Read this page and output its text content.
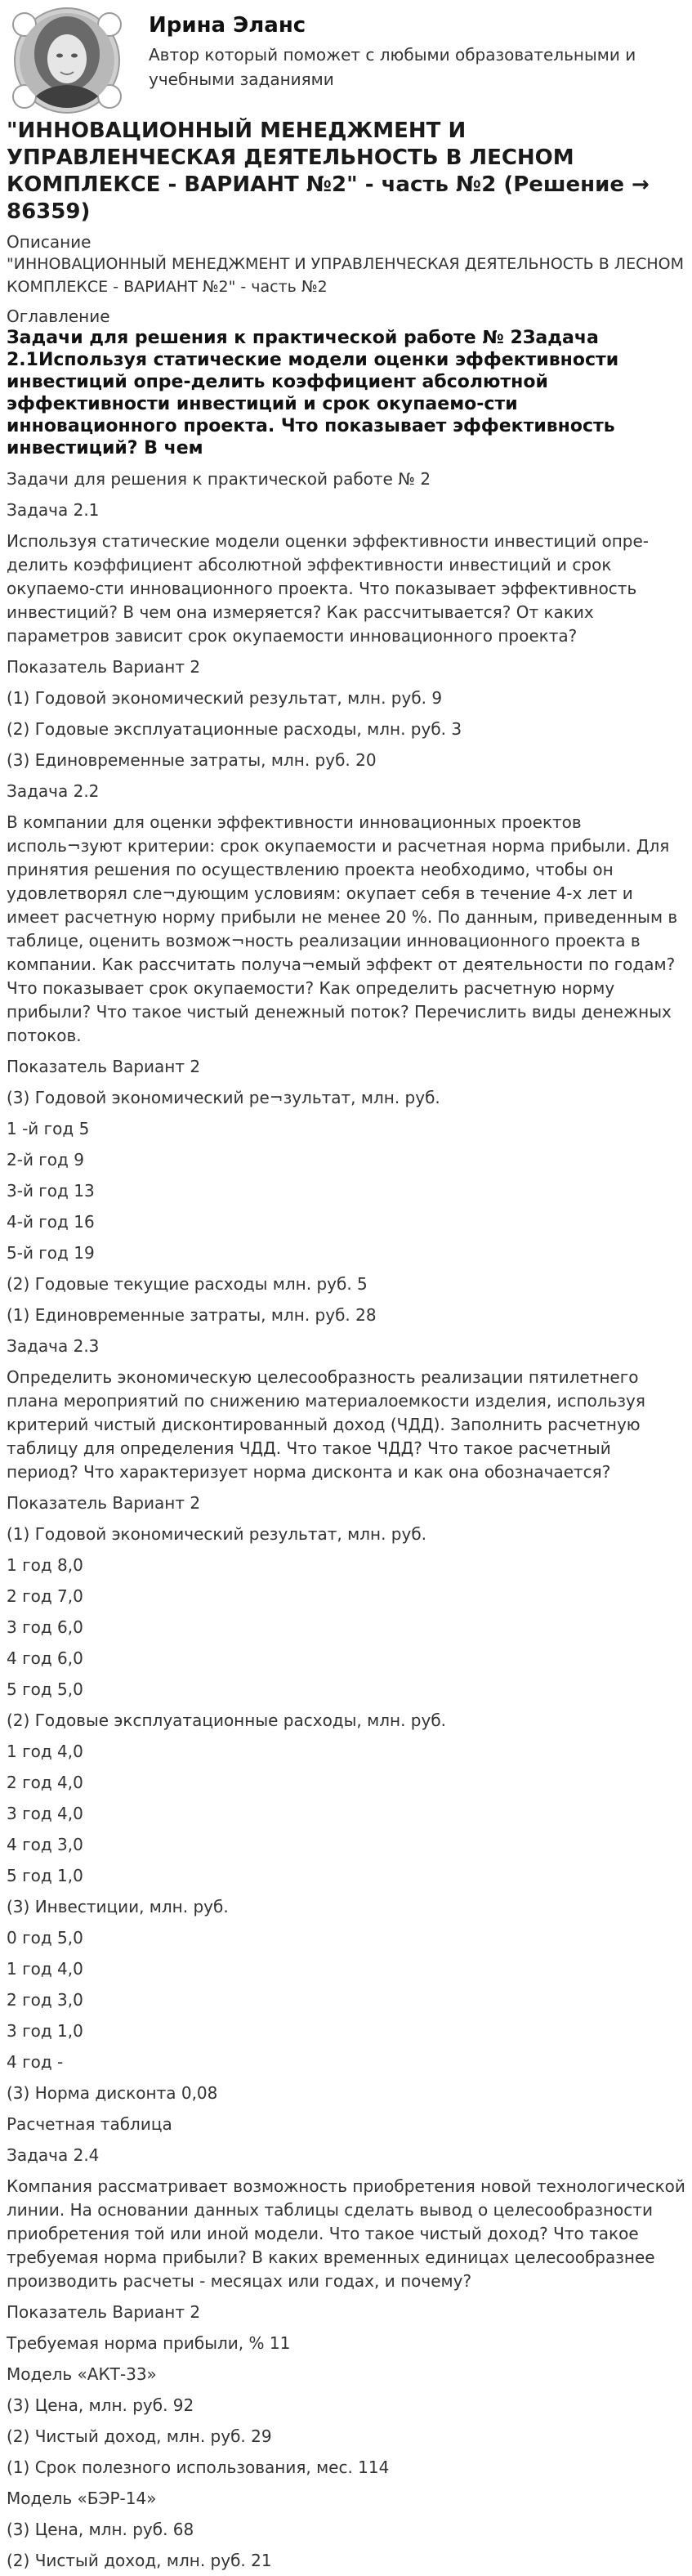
Ирина Эланс
Автор который поможет с любыми образовательными и учебными заданиями
"ИННОВАЦИОННЫЙ МЕНЕДЖМЕНТ И УПРАВЛЕНЧЕСКАЯ ДЕЯТЕЛЬНОСТЬ В ЛЕСНОМ КОМПЛЕКСЕ - ВАРИАНТ №2" - часть №2 (Решение → 86359)
Описание
"ИННОВАЦИОННЫЙ МЕНЕДЖМЕНТ И УПРАВЛЕНЧЕСКАЯ ДЕЯТЕЛЬНОСТЬ В ЛЕСНОМ КОМПЛЕКСЕ - ВАРИАНТ №2" - часть №2
Оглавление
Задачи для решения к практической работе № 2Задача 2.1Используя статические модели оценки эффективности инвестиций опре-делить коэффициент абсолютной эффективности инвестиций и срок окупаемо-сти инновационного проекта. Что показывает эффективность инвестиций? В чем

Задачи для решения к практической работе № 2

Задача 2.1

Используя статические модели оценки эффективности инвестиций опре-делить коэффициент абсолютной эффективности инвестиций и срок окупаемо-сти инновационного проекта. Что показывает эффективность инвестиций? В чем она измеряется? Как рассчитывается? От каких параметров зависит срок окупаемости инновационного проекта?

Показатель Вариант 2

(1) Годовой экономический результат, млн. руб. 9

(2) Годовые эксплуатационные расходы, млн. руб. 3

(3) Единовременные затраты, млн. руб. 20

Задача 2.2

В компании для оценки эффективности инновационных проектов исполь¬зуют критерии: срок окупаемости и расчетная норма прибыли. Для принятия решения по осуществлению проекта необходимо, чтобы он удовлетворял сле¬дующим условиям: окупает себя в течение 4-х лет и имеет расчетную норму прибыли не менее 20 %. По данным, приведенным в таблице, оценить возмож¬ность реализации инновационного проекта в компании. Как рассчитать получа¬емый эффект от деятельности по годам? Что показывает срок окупаемости? Как определить расчетную норму прибыли? Что такое чистый денежный поток? Перечислить виды денежных потоков.

Показатель Вариант 2

(3) Годовой экономический ре¬зультат, млн. руб.

1 -й год 5

2-й год 9

3-й год 13

4-й год 16

5-й год 19

(2) Годовые текущие расходы млн. руб. 5

(1) Единовременные затраты, млн. руб. 28

Задача 2.3

Определить экономическую целесообразность реализации пятилетнего плана мероприятий по снижению материалоемкости изделия, используя критерий чистый дисконтированный доход (ЧДД). Заполнить расчетную таблицу для определения ЧДД. Что такое ЧДД? Что такое расчетный период? Что характеризует норма дисконта и как она обозначается?

Показатель Вариант 2

(1) Годовой экономический результат, млн. руб.

1 год 8,0

2 год 7,0

3 год 6,0

4 год 6,0

5 год 5,0

(2) Годовые эксплуатационные расходы, млн. руб.

1 год 4,0

2 год 4,0

3 год 4,0

4 год 3,0

5 год 1,0

(3) Инвестиции, млн. руб.

0 год 5,0

1 год 4,0

2 год 3,0

3 год 1,0

4 год -

(3) Норма дисконта 0,08

Расчетная таблица

Задача 2.4

Компания рассматривает возможность приобретения новой технологической линии. На основании данных таблицы сделать вывод о целесообразности приобретения той или иной модели. Что такое чистый доход? Что такое требуемая норма прибыли? В каких временных единицах целесообразнее производить расчеты - месяцах или годах, и почему?

Показатель Вариант 2

Требуемая норма прибыли, % 11

Модель «АКТ-33»

(3) Цена, млн. руб. 92

(2) Чистый доход, млн. руб. 29

(1) Срок полезного использования, мес. 114

Модель «БЭР-14»

(3) Цена, млн. руб. 68

(2) Чистый доход, млн. руб. 21
